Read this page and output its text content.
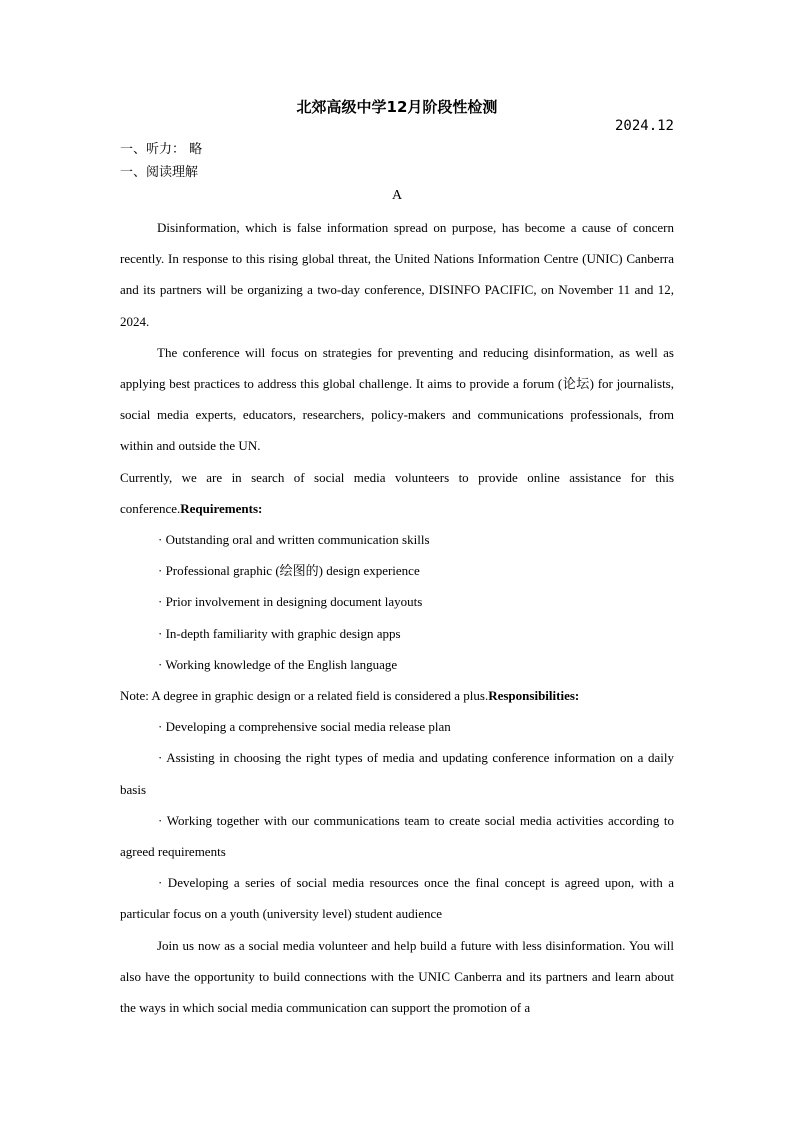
北郊高级中学12月阶段性检测
2024.12
一、听力： 略
一、阅读理解
A

Disinformation, which is false information spread on purpose, has become a cause of concern recently. In response to this rising global threat, the United Nations Information Centre (UNIC) Canberra and its partners will be organizing a two-day conference, DISINFO PACIFIC, on November 11 and 12, 2024.

The conference will focus on strategies for preventing and reducing disinformation, as well as applying best practices to address this global challenge. It aims to provide a forum (论坛) for journalists, social media experts, educators, researchers, policy-makers and communications professionals, from within and outside the UN.

Currently, we are in search of social media volunteers to provide online assistance for this conference.Requirements:

· Outstanding oral and written communication skills

· Professional graphic (绘图的) design experience

· Prior involvement in designing document layouts

· In-depth familiarity with graphic design apps

· Working knowledge of the English language

Note: A degree in graphic design or a related field is considered a plus.Responsibilities:

· Developing a comprehensive social media release plan

· Assisting in choosing the right types of media and updating conference information on a daily basis

· Working together with our communications team to create social media activities according to agreed requirements

· Developing a series of social media resources once the final concept is agreed upon, with a particular focus on a youth (university level) student audience

Join us now as a social media volunteer and help build a future with less disinformation. You will also have the opportunity to build connections with the UNIC Canberra and its partners and learn about the ways in which social media communication can support the promotion of a
